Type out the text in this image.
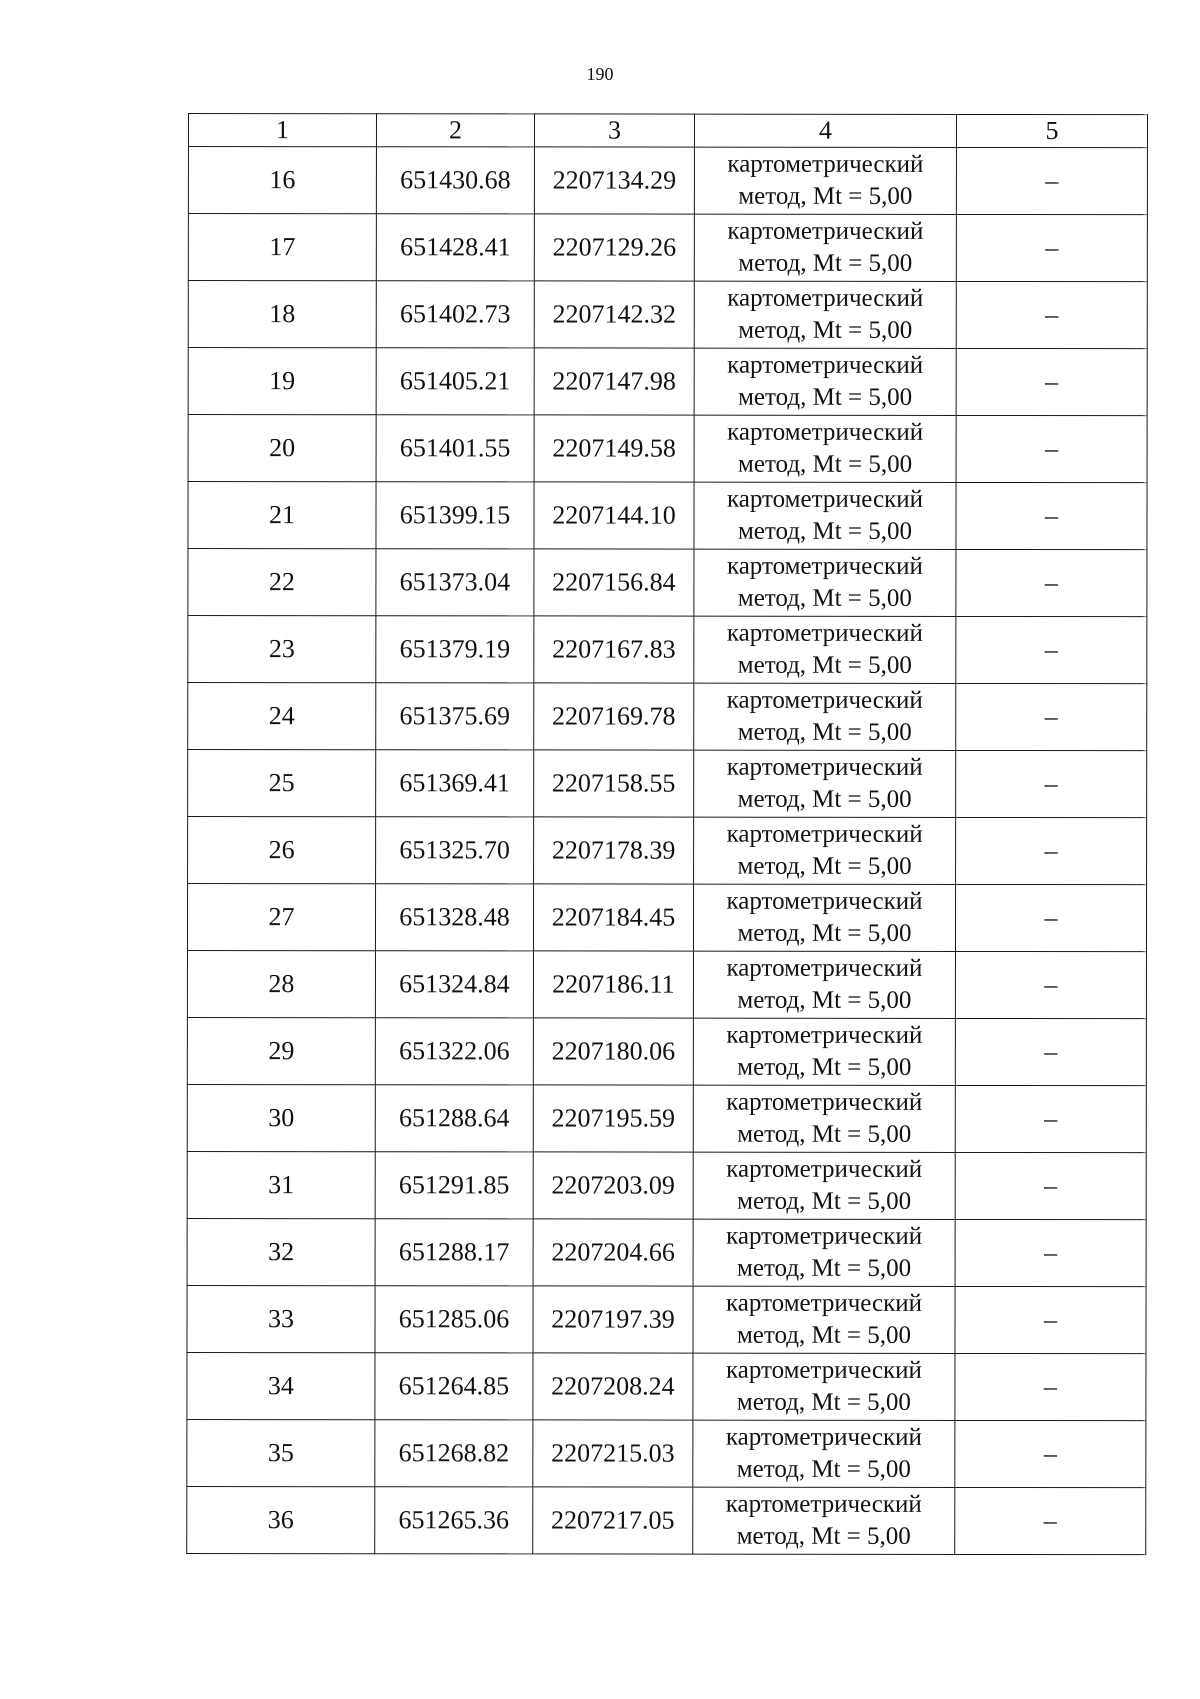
190
1	2	3	4	5
16	651430.68	2207134.29	картометрический
метод, Mt = 5,00	–
17	651428.41	2207129.26	картометрический
метод, Mt = 5,00	–
18	651402.73	2207142.32	картометрический
метод, Mt = 5,00	–
19	651405.21	2207147.98	картометрический
метод, Mt = 5,00	–
20	651401.55	2207149.58	картометрический
метод, Mt = 5,00	–
21	651399.15	2207144.10	картометрический
метод, Mt = 5,00	–
22	651373.04	2207156.84	картометрический
метод, Mt = 5,00	–
23	651379.19	2207167.83	картометрический
метод, Mt = 5,00	–
24	651375.69	2207169.78	картометрический
метод, Mt = 5,00	–
25	651369.41	2207158.55	картометрический
метод, Mt = 5,00	–
26	651325.70	2207178.39	картометрический
метод, Mt = 5,00	–
27	651328.48	2207184.45	картометрический
метод, Mt = 5,00	–
28	651324.84	2207186.11	картометрический
метод, Mt = 5,00	–
29	651322.06	2207180.06	картометрический
метод, Mt = 5,00	–
30	651288.64	2207195.59	картометрический
метод, Mt = 5,00	–
31	651291.85	2207203.09	картометрический
метод, Mt = 5,00	–
32	651288.17	2207204.66	картометрический
метод, Mt = 5,00	–
33	651285.06	2207197.39	картометрический
метод, Mt = 5,00	–
34	651264.85	2207208.24	картометрический
метод, Mt = 5,00	–
35	651268.82	2207215.03	картометрический
метод, Mt = 5,00	–
36	651265.36	2207217.05	картометрический
метод, Mt = 5,00	–
